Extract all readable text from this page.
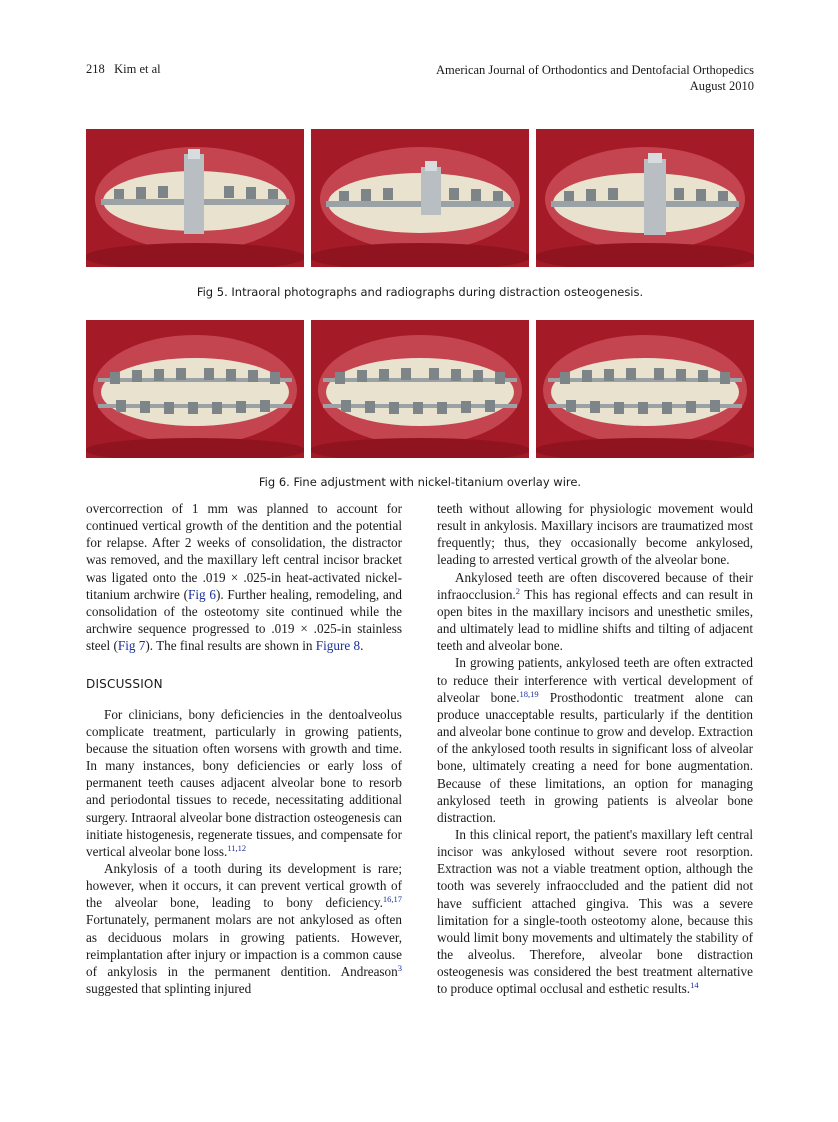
218   Kim et al	American Journal of Orthodontics and Dentofacial Orthopedics
August 2010
Fig 5. Intraoral photographs and radiographs during distraction osteogenesis.
Fig 6. Fine adjustment with nickel-titanium overlay wire.

overcorrection of 1 mm was planned to account for continued vertical growth of the dentition and the potential for relapse. After 2 weeks of consolidation, the distractor was removed, and the maxillary left central incisor bracket was ligated onto the .019 × .025-in heat-activated nickel-titanium archwire (Fig 6). Further healing, remodeling, and consolidation of the osteotomy site continued while the archwire sequence progressed to .019 × .025-in stainless steel (Fig 7). The final results are shown in Figure 8.

DISCUSSION

For clinicians, bony deficiencies in the dentoalveolus complicate treatment, particularly in growing patients, because the situation often worsens with growth and time. In many instances, bony deficiencies or early loss of permanent teeth causes adjacent alveolar bone to resorb and periodontal tissues to recede, necessitating additional surgery. Intraoral alveolar bone distraction osteogenesis can initiate histogenesis, regenerate tissues, and compensate for vertical alveolar bone loss.$^{11,12}$

Ankylosis of a tooth during its development is rare; however, when it occurs, it can prevent vertical growth of the alveolar bone, leading to bony deficiency.$^{16,17}$ Fortunately, permanent molars are not ankylosed as often as deciduous molars in growing patients. However, reimplantation after injury or impaction is a common cause of ankylosis in the permanent dentition. Andreason$^3$ suggested that splinting injured

teeth without allowing for physiologic movement would result in ankylosis. Maxillary incisors are traumatized most frequently; thus, they occasionally become ankylosed, leading to arrested vertical growth of the alveolar bone.

Ankylosed teeth are often discovered because of their infraocclusion.$^2$ This has regional effects and can result in open bites in the maxillary incisors and unesthetic smiles, and ultimately lead to midline shifts and tilting of adjacent teeth and alveolar bone.

In growing patients, ankylosed teeth are often extracted to reduce their interference with vertical development of alveolar bone.$^{18,19}$ Prosthodontic treatment alone can produce unacceptable results, particularly if the dentition and alveolar bone continue to grow and develop. Extraction of the ankylosed tooth results in significant loss of alveolar bone, ultimately creating a need for bone augmentation. Because of these limitations, an option for managing ankylosed teeth in growing patients is alveolar bone distraction.

In this clinical report, the patient's maxillary left central incisor was ankylosed without severe root resorption. Extraction was not a viable treatment option, although the tooth was severely infraoccluded and the patient did not have sufficient attached gingiva. This was a severe limitation for a single-tooth osteotomy alone, because this would limit bony movements and ultimately the stability of the alveolus. Therefore, alveolar bone distraction osteogenesis was considered the best treatment alternative to produce optimal occlusal and esthetic results.$^{14}$
